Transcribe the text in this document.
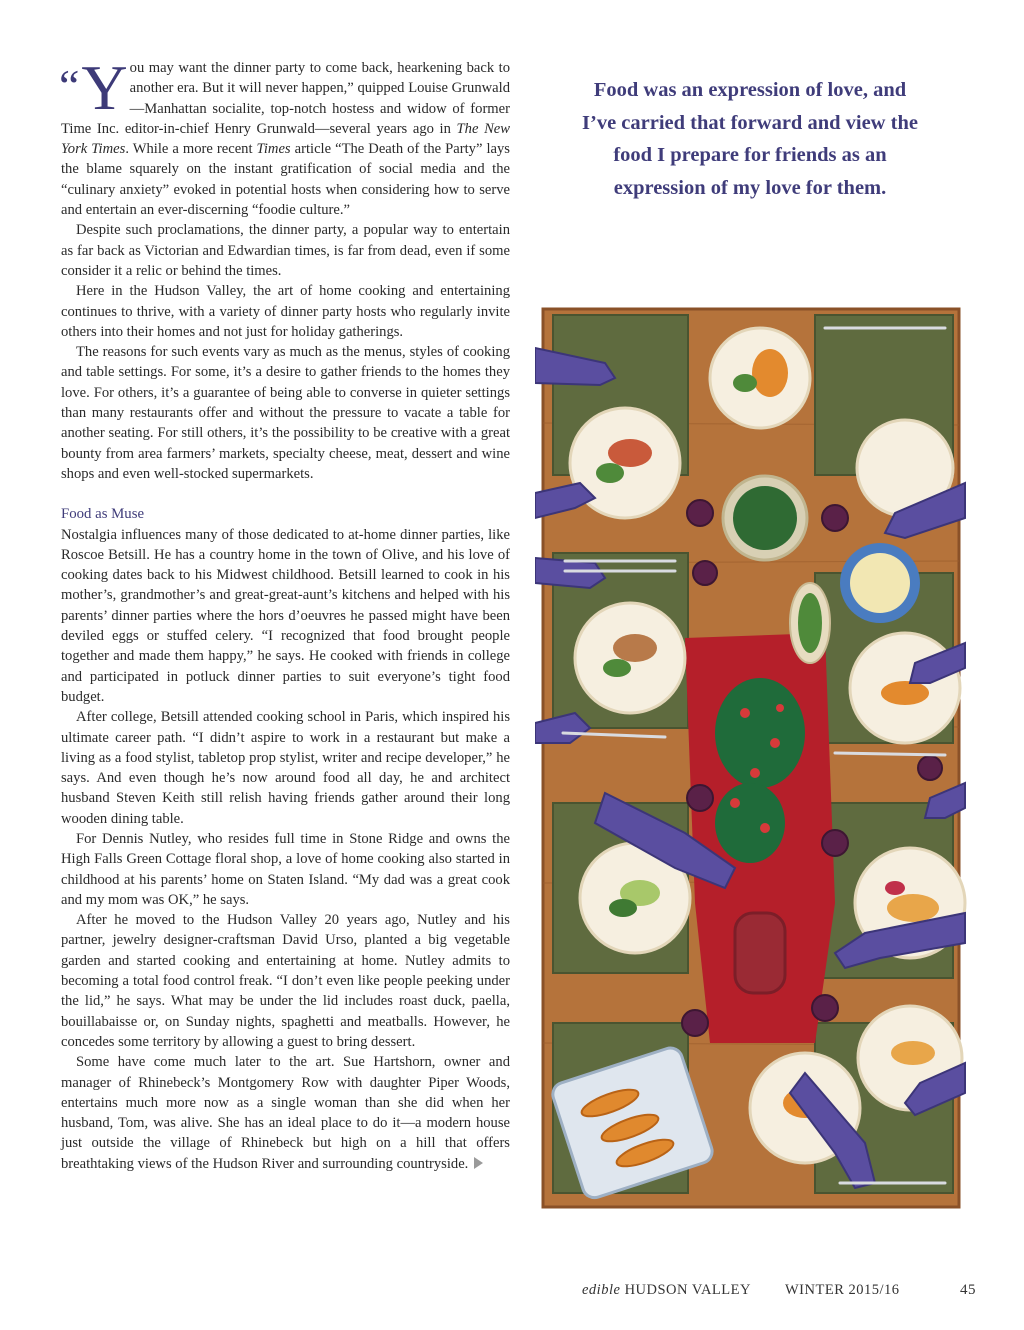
“Y ou may want the dinner party to come back, hearkening back to another era. But it will never happen,” quipped Louise Grunwald—Manhattan socialite, top-notch hostess and widow of former Time Inc. editor-in-chief Henry Grunwald—several years ago in The New York Times. While a more recent Times article “The Death of the Party” lays the blame squarely on the instant gratification of social media and the “culinary anxiety” evoked in potential hosts when considering how to serve and entertain an ever-discerning “foodie culture.”

Despite such proclamations, the dinner party, a popular way to entertain as far back as Victorian and Edwardian times, is far from dead, even if some consider it a relic or behind the times.

Here in the Hudson Valley, the art of home cooking and entertaining continues to thrive, with a variety of dinner party hosts who regularly invite others into their homes and not just for holiday gatherings.

The reasons for such events vary as much as the menus, styles of cooking and table settings. For some, it’s a desire to gather friends to the homes they love. For others, it’s a guarantee of being able to converse in quieter settings than many restaurants offer and without the pressure to vacate a table for another seating. For still others, it’s the possibility to be creative with a great bounty from area farmers’ markets, specialty cheese, meat, dessert and wine shops and even well-stocked supermarkets.

Food as Muse

Nostalgia influences many of those dedicated to at-home dinner parties, like Roscoe Betsill. He has a country home in the town of Olive, and his love of cooking dates back to his Midwest childhood. Betsill learned to cook in his mother’s, grandmother’s and great-great-aunt’s kitchens and helped with his parents’ dinner parties where the hors d’oeuvres he passed might have been deviled eggs or stuffed celery. “I recognized that food brought people together and made them happy,” he says. He cooked with friends in college and participated in potluck dinner parties to suit everyone’s tight food budget.

After college, Betsill attended cooking school in Paris, which inspired his ultimate career path. “I didn’t aspire to work in a restaurant but make a living as a food stylist, tabletop prop stylist, writer and recipe developer,” he says. And even though he’s now around food all day, he and architect husband Steven Keith still relish having friends gather around their long wooden dining table.

For Dennis Nutley, who resides full time in Stone Ridge and owns the High Falls Green Cottage floral shop, a love of home cooking also started in childhood at his parents’ home on Staten Island. “My dad was a great cook and my mom was OK,” he says.

After he moved to the Hudson Valley 20 years ago, Nutley and his partner, jewelry designer-craftsman David Urso, planted a big vegetable garden and started cooking and entertaining at home. Nutley admits to becoming a total food control freak. “I don’t even like people peeking under the lid,” he says. What may be under the lid includes roast duck, paella, bouillabaisse or, on Sunday nights, spaghetti and meatballs. However, he concedes some territory by allowing a guest to bring dessert.

Some have come much later to the art. Sue Hartshorn, owner and manager of Rhinebeck’s Montgomery Row with daughter Piper Woods, entertains much more now as a single woman than she did when her husband, Tom, was alive. She has an ideal place to do it—a modern house just outside the village of Rhinebeck but high on a hill that offers breathtaking views of the Hudson River and surrounding countryside.

Food was an expression of love, and I’ve carried that forward and view the food I prepare for friends as an expression of my love for them.
edible HUDSON VALLEY WINTER 2015/16	45
